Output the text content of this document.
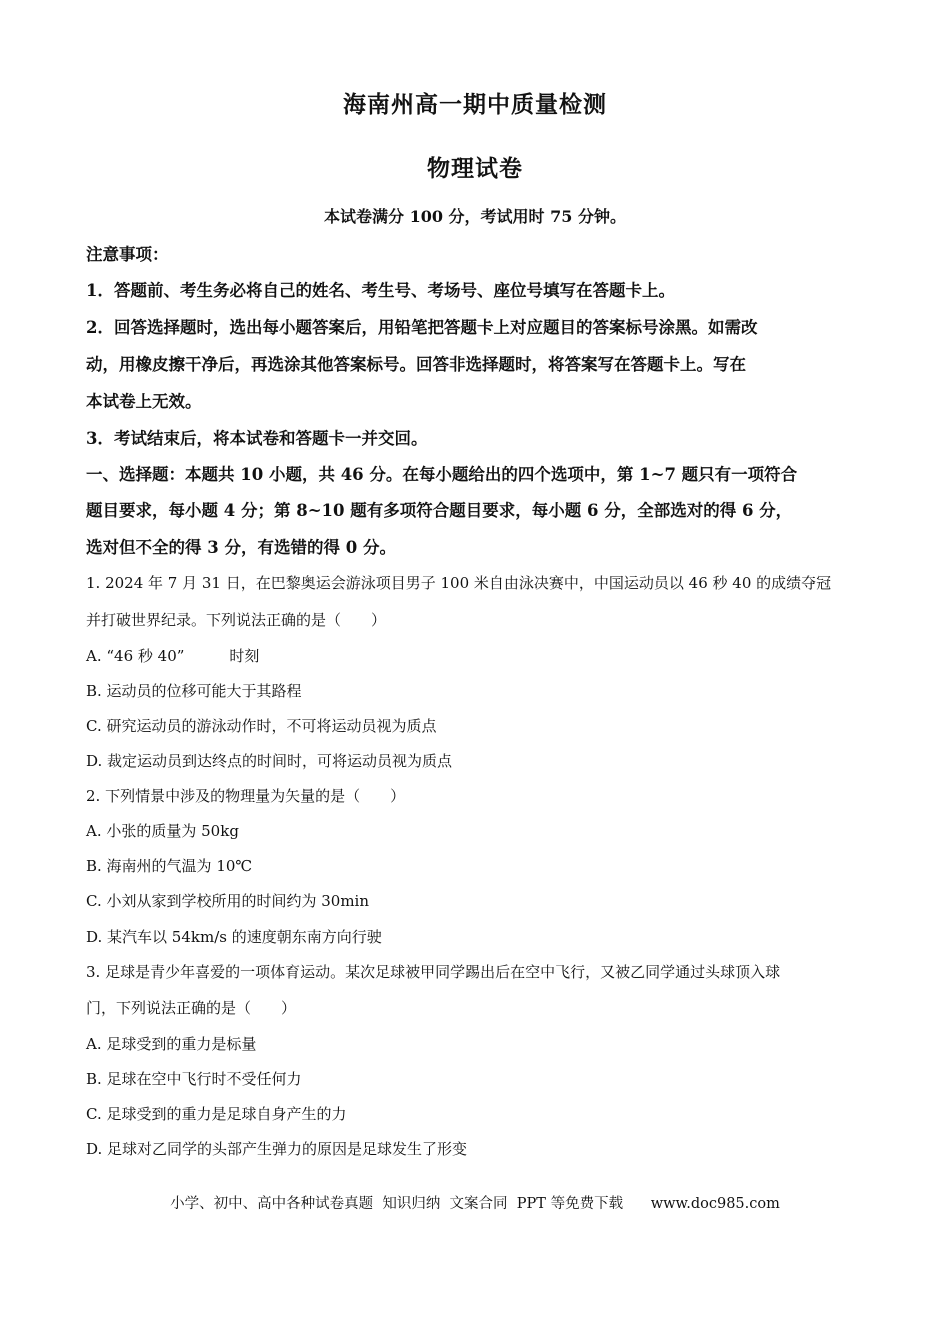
海南州高一期中质量检测
物理试卷
本试卷满分 100 分，考试用时 75 分钟。
注意事项：
1．答题前、考生务必将自己的姓名、考生号、考场号、座位号填写在答题卡上。
2．回答选择题时，选出每小题答案后，用铅笔把答题卡上对应题目的答案标号涂黑。如需改
动，用橡皮擦干净后，再选涂其他答案标号。回答非选择题时，将答案写在答题卡上。写在
本试卷上无效。
3．考试结束后，将本试卷和答题卡一并交回。
一、选择题：本题共 10 小题，共 46 分。在每小题给出的四个选项中，第 1~7 题只有一项符合
题目要求，每小题 4 分；第 8~10 题有多项符合题目要求，每小题 6 分，全部选对的得 6 分，
选对但不全的得 3 分，有选错的得 0 分。
1. 2024 年 7 月 31 日，在巴黎奥运会游泳项目男子 100 米自由泳决赛中，中国运动员以 46 秒 40 的成绩夺冠
并打破世界纪录。下列说法正确的是（　　）
A. “46 秒 40”　　　时刻
B. 运动员的位移可能大于其路程
C. 研究运动员的游泳动作时，不可将运动员视为质点
D. 裁定运动员到达终点的时间时，可将运动员视为质点
2. 下列情景中涉及的物理量为矢量的是（　　）
A. 小张的质量为 50kg
B. 海南州的气温为 10℃
C. 小刘从家到学校所用的时间约为 30min
D. 某汽车以 54km/s 的速度朝东南方向行驶
3. 足球是青少年喜爱的一项体育运动。某次足球被甲同学踢出后在空中飞行，又被乙同学通过头球顶入球
门，下列说法正确的是（　　）
A. 足球受到的重力是标量
B. 足球在空中飞行时不受任何力
C. 足球受到的重力是足球自身产生的力
D. 足球对乙同学的头部产生弹力的原因是足球发生了形变
小学、初中、高中各种试卷真题  知识归纳  文案合同  PPT 等免费下载      www.doc985.com
